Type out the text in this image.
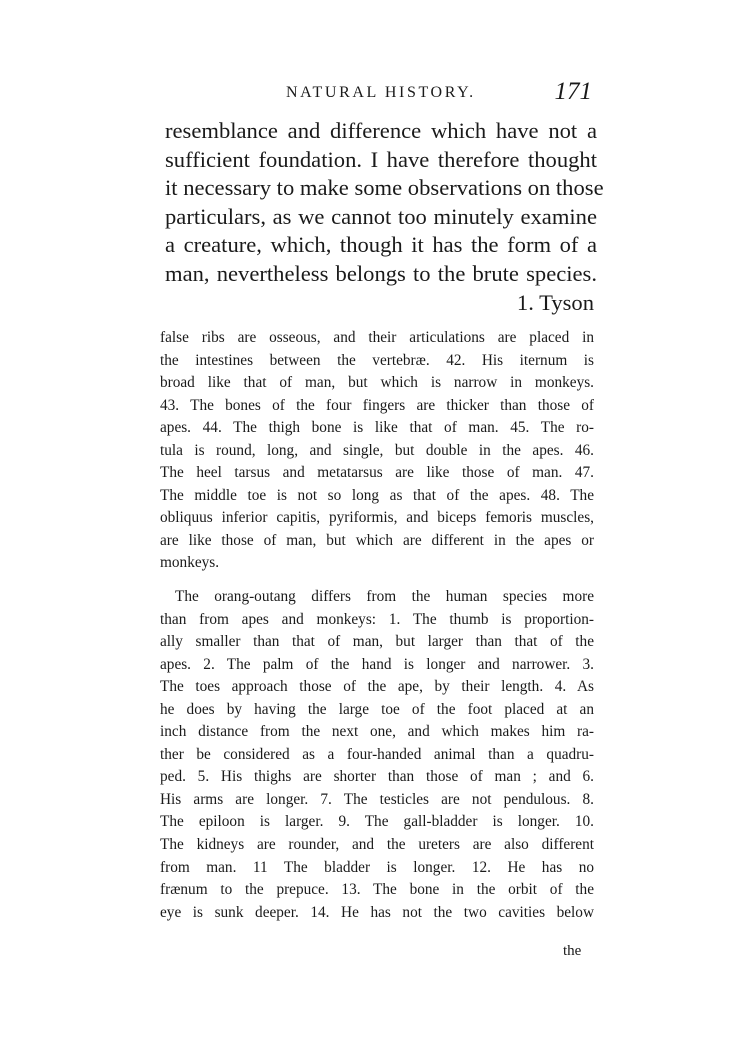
NATURAL HISTORY.	171
resemblance and difference which have not a
sufficient foundation. I have therefore thought
it necessary to make some observations on those
particulars, as we cannot too minutely examine
a creature, which, though it has the form of a
man, nevertheless belongs to the brute species.
1. Tyson
false ribs are osseous, and their articulations are placed in
the intestines between the vertebræ. 42. His iternum is
broad like that of man, but which is narrow in monkeys.
43. The bones of the four fingers are thicker than those of
apes. 44. The thigh bone is like that of man. 45. The ro-
tula is round, long, and single, but double in the apes. 46.
The heel tarsus and metatarsus are like those of man. 47.
The middle toe is not so long as that of the apes. 48. The
obliquus inferior capitis, pyriformis, and biceps femoris muscles,
are like those of man, but which are different in the apes or
monkeys.
The orang-outang differs from the human species more
than from apes and monkeys: 1. The thumb is proportion-
ally smaller than that of man, but larger than that of the
apes. 2. The palm of the hand is longer and narrower. 3.
The toes approach those of the ape, by their length. 4. As
he does by having the large toe of the foot placed at an
inch distance from the next one, and which makes him ra-
ther be considered as a four-handed animal than a quadru-
ped. 5. His thighs are shorter than those of man ; and 6.
His arms are longer. 7. The testicles are not pendulous. 8.
The epiloon is larger. 9. The gall-bladder is longer. 10.
The kidneys are rounder, and the ureters are also different
from man. 11 The bladder is longer. 12. He has no
frænum to the prepuce. 13. The bone in the orbit of the
eye is sunk deeper. 14. He has not the two cavities below
the
